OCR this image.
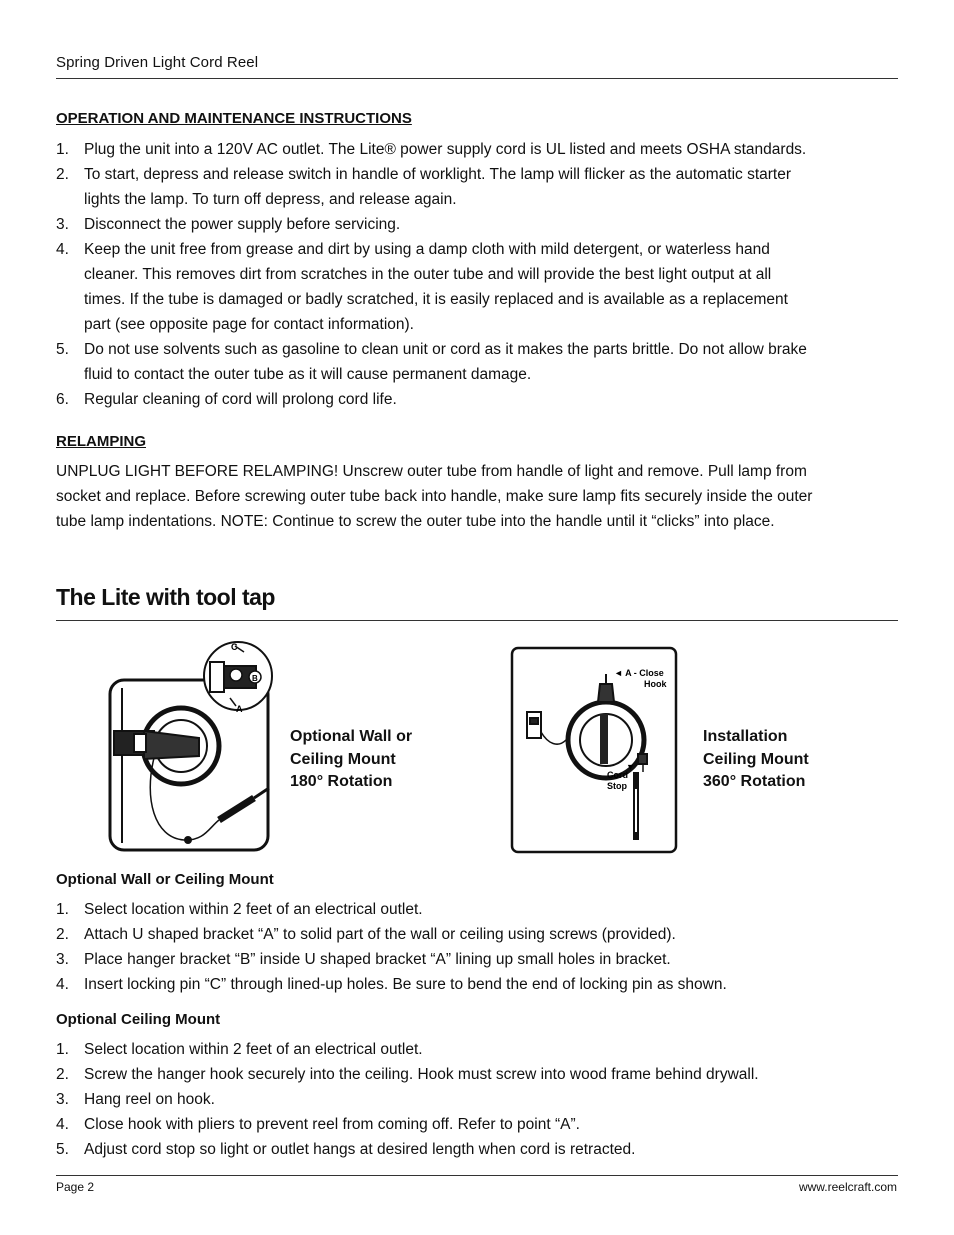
Spring Driven Light Cord Reel
OPERATION AND MAINTENANCE INSTRUCTIONS
1. Plug the unit into a 120V AC outlet. The Lite® power supply cord is UL listed and meets OSHA standards.
2. To start, depress and release switch in handle of worklight. The lamp will flicker as the automatic starter
lights the lamp. To turn off depress, and release again.
3. Disconnect the power supply before servicing.
4. Keep the unit free from grease and dirt by using a damp cloth with mild detergent, or waterless hand
cleaner. This removes dirt from scratches in the outer tube and will provide the best light output at all
times. If the tube is damaged or badly scratched, it is easily replaced and is available as a replacement
part (see opposite page for contact information).
5. Do not use solvents such as gasoline to clean unit or cord as it makes the parts brittle. Do not allow brake
fluid to contact the outer tube as it will cause permanent damage.
6. Regular cleaning of cord will prolong cord life.
RELAMPING
UNPLUG LIGHT BEFORE RELAMPING! Unscrew outer tube from handle of light and remove. Pull lamp from
socket and replace. Before screwing outer tube back into handle, make sure lamp fits securely inside the outer
tube lamp indentations. NOTE: Continue to screw the outer tube into the handle until it “clicks” into place.
The Lite with tool tap
C
B
A
Optional Wall or
Ceiling Mount
180° Rotation
◄ A - Close
Hook
Cord
Stop
▼
Installation
Ceiling Mount
360° Rotation
Optional Wall or Ceiling Mount
1. Select location within 2 feet of an electrical outlet.
2. Attach U shaped bracket “A” to solid part of the wall or ceiling using screws (provided).
3. Place hanger bracket “B” inside U shaped bracket “A” lining up small holes in bracket.
4. Insert locking pin “C” through lined-up holes. Be sure to bend the end of locking pin as shown.
Optional Ceiling Mount
1. Select location within 2 feet of an electrical outlet.
2. Screw the hanger hook securely into the ceiling. Hook must screw into wood frame behind drywall.
3. Hang reel on hook.
4. Close hook with pliers to prevent reel from coming off. Refer to point “A”.
5. Adjust cord stop so light or outlet hangs at desired length when cord is retracted.
Page 2	www.reelcraft.com
